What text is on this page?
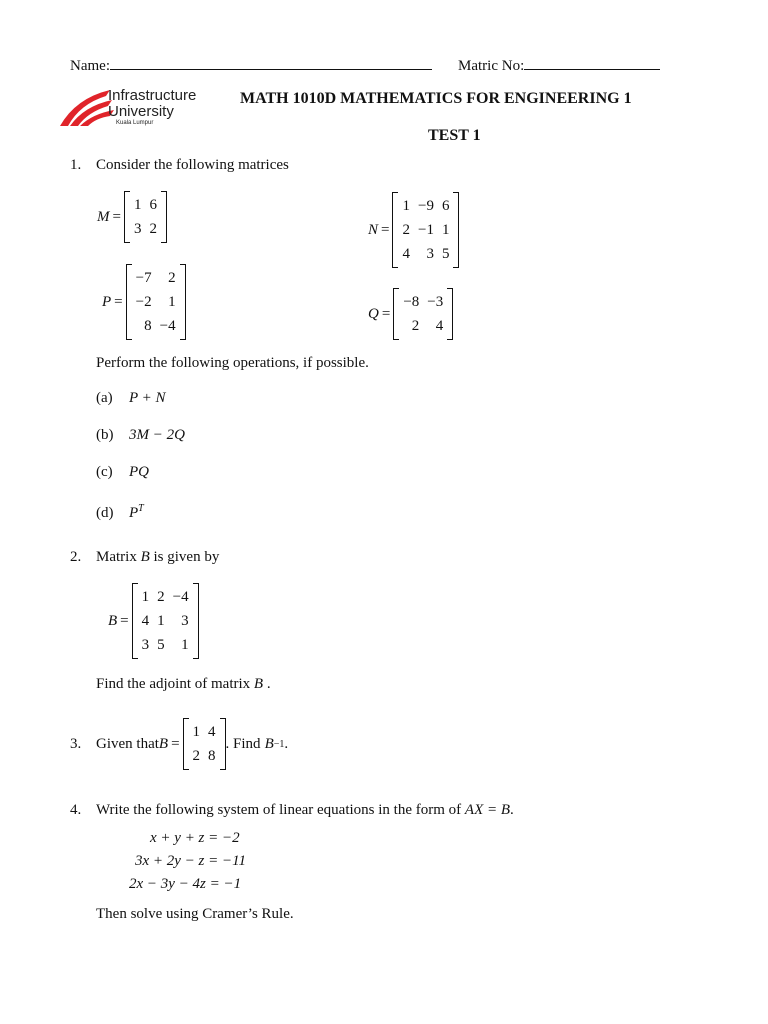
Name:	Matric No:
Infrastructure
University
Kuala Lumpur
MATH 1010D MATHEMATICS FOR ENGINEERING 1
TEST 1
1. Consider the following matrices
M =
1	6
3	2	N =
1	−9	6
2	−1	1
4	3	5
P =
−7	2
−2	1
8	−4
Q =
−8	−3
2	4
Perform the following operations, if possible.
(a) P + N
(b) 3M − 2Q
(c) PQ
(d) $P^T$
2. Matrix B is given by
B =
1	2	−4
4	1	3
3	5	1
Find the adjoint of matrix B .
3. Given that B =
1	4
2	8
. Find B −1 .
4. Write the following system of linear equations in the form of AX = B.
x + y + z = −2
3x + 2y − z = −11
2x − 3y − 4z = −1
Then solve using Cramer’s Rule.
